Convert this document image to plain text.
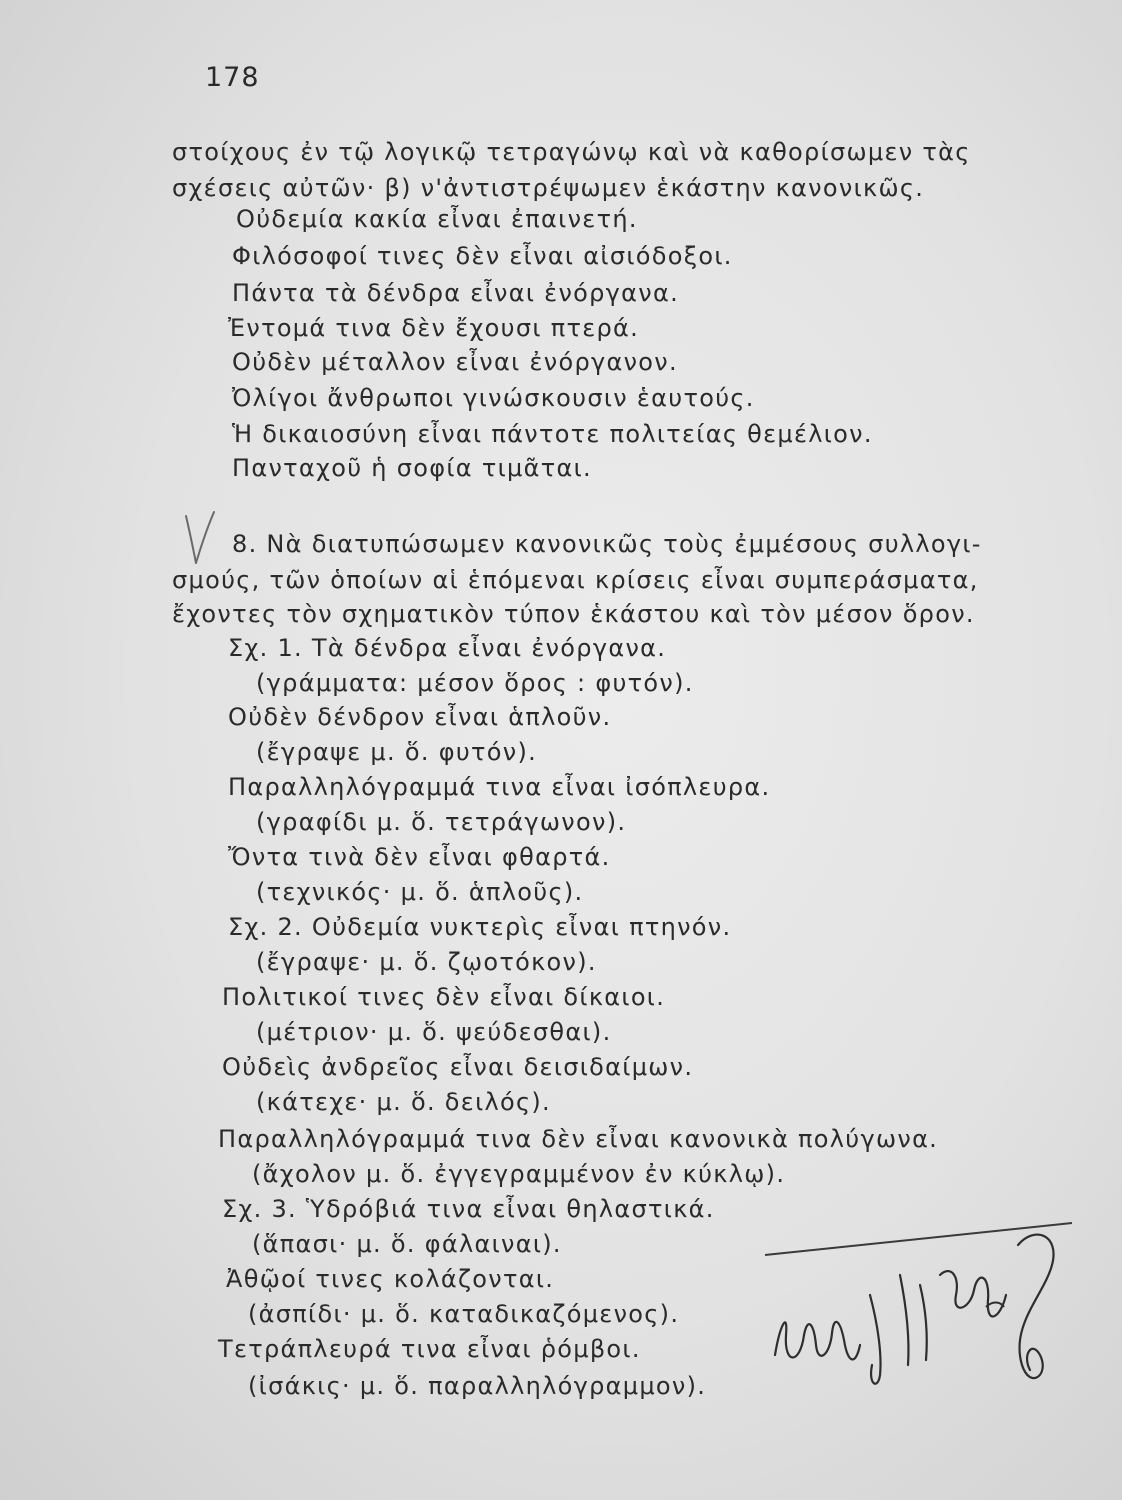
178
στοίχους ἐν τῷ λογικῷ τετραγώνῳ καὶ νὰ καθορίσωμεν τὰς
σχέσεις αὐτῶν· β) ν'ἀντιστρέψωμεν ἑκάστην κανονικῶς.
Οὐδεμία κακία εἶναι ἐπαινετή.
Φιλόσοφοί τινες δὲν εἶναι αἰσιόδοξοι.
Πάντα τὰ δένδρα εἶναι ἐνόργανα.
Ἐντομά τινα δὲν ἔχουσι πτερά.
Οὐδὲν μέταλλον εἶναι ἐνόργανον.
Ὀλίγοι ἄνθρωποι γινώσκουσιν ἑαυτούς.
Ἡ δικαιοσύνη εἶναι πάντοτε πολιτείας θεμέλιον.
Πανταχοῦ ἡ σοφία τιμᾶται.
8. Νὰ διατυπώσωμεν κανονικῶς τοὺς ἐμμέσους συλλογι-
σμούς, τῶν ὁποίων αἱ ἑπόμεναι κρίσεις εἶναι συμπεράσματα,
ἔχοντες τὸν σχηματικὸν τύπον ἑκάστου καὶ τὸν μέσον ὅρον.
Σχ. 1. Τὰ δένδρα εἶναι ἐνόργανα.
(γράμματα: μέσον ὅρος : φυτόν).
Οὐδὲν δένδρον εἶναι ἁπλοῦν.
(ἔγραψε μ. ὅ. φυτόν).
Παραλληλόγραμμά τινα εἶναι ἰσόπλευρα.
(γραφίδι μ. ὅ. τετράγωνον).
Ὄντα τινὰ δὲν εἶναι φθαρτά.
(τεχνικός· μ. ὅ. ἁπλοῦς).
Σχ. 2. Οὐδεμία νυκτερὶς εἶναι πτηνόν.
(ἔγραψε· μ. ὅ. ζῳοτόκον).
Πολιτικοί τινες δὲν εἶναι δίκαιοι.
(μέτριον· μ. ὅ. ψεύδεσθαι).
Οὐδεὶς ἀνδρεῖος εἶναι δεισιδαίμων.
(κάτεχε· μ. ὅ. δειλός).
Παραλληλόγραμμά τινα δὲν εἶναι κανονικὰ πολύγωνα.
(ἄχολον μ. ὅ. ἐγγεγραμμένον ἐν κύκλῳ).
Σχ. 3. Ὑδρόβιά τινα εἶναι θηλαστικά.
(ἅπασι· μ. ὅ. φάλαιναι).
Ἀθῷοί τινες κολάζονται.
(ἀσπίδι· μ. ὅ. καταδικαζόμενος).
Τετράπλευρά τινα εἶναι ῥόμβοι.
(ἰσάκις· μ. ὅ. παραλληλόγραμμον).
